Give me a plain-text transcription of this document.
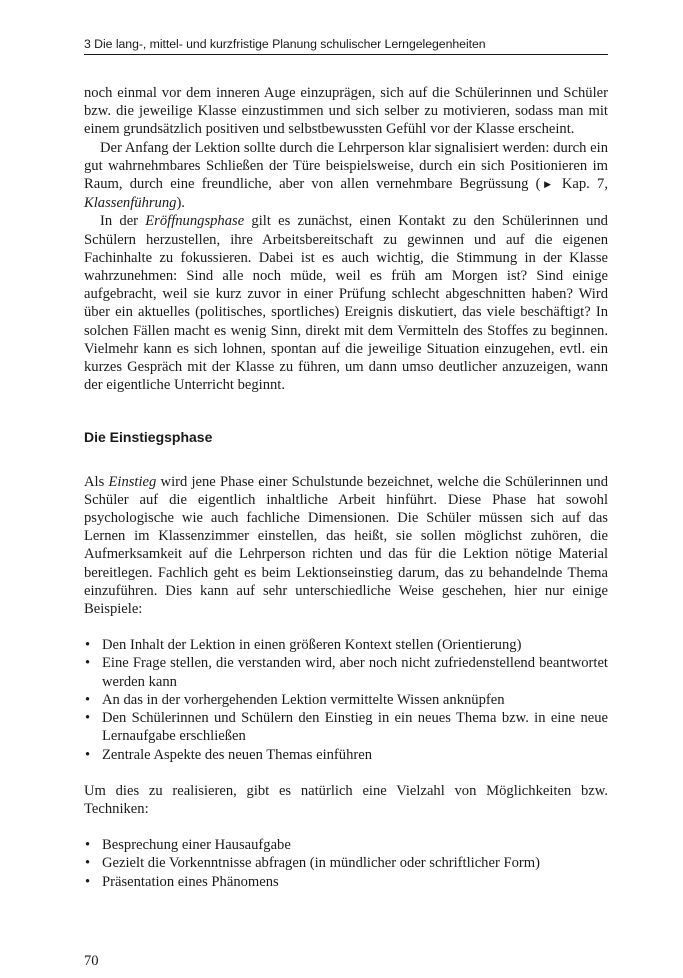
3 Die lang-, mittel- und kurzfristige Planung schulischer Lerngelegenheiten

noch einmal vor dem inneren Auge einzuprägen, sich auf die Schülerinnen und Schüler bzw. die jeweilige Klasse einzustimmen und sich selber zu motivieren, sodass man mit einem grundsätzlich positiven und selbstbewussten Gefühl vor der Klasse erscheint.

Der Anfang der Lektion sollte durch die Lehrperson klar signalisiert werden: durch ein gut wahrnehmbares Schließen der Türe beispielsweise, durch ein sich Positionieren im Raum, durch eine freundliche, aber von allen vernehmbare Begrüssung (▶ Kap. 7, Klassenführung).

In der Eröffnungsphase gilt es zunächst, einen Kontakt zu den Schülerinnen und Schülern herzustellen, ihre Arbeitsbereitschaft zu gewinnen und auf die eigenen Fachinhalte zu fokussieren. Dabei ist es auch wichtig, die Stimmung in der Klasse wahrzunehmen: Sind alle noch müde, weil es früh am Morgen ist? Sind einige aufgebracht, weil sie kurz zuvor in einer Prüfung schlecht abgeschnitten haben? Wird über ein aktuelles (politisches, sportliches) Ereignis diskutiert, das viele beschäftigt? In solchen Fällen macht es wenig Sinn, direkt mit dem Vermitteln des Stoffes zu beginnen. Vielmehr kann es sich lohnen, spontan auf die jeweilige Situation einzugehen, evtl. ein kurzes Gespräch mit der Klasse zu führen, um dann umso deutlicher anzuzeigen, wann der eigentliche Unterricht beginnt.

Die Einstiegsphase

Als Einstieg wird jene Phase einer Schulstunde bezeichnet, welche die Schülerinnen und Schüler auf die eigentlich inhaltliche Arbeit hinführt. Diese Phase hat sowohl psychologische wie auch fachliche Dimensionen. Die Schüler müssen sich auf das Lernen im Klassenzimmer einstellen, das heißt, sie sollen möglichst zuhören, die Aufmerksamkeit auf die Lehrperson richten und das für die Lektion nötige Material bereitlegen. Fachlich geht es beim Lektionseinstieg darum, das zu behandelnde Thema einzuführen. Dies kann auf sehr unterschiedliche Weise geschehen, hier nur einige Beispiele:

• Den Inhalt der Lektion in einen größeren Kontext stellen (Orientierung)
• Eine Frage stellen, die verstanden wird, aber noch nicht zufriedenstellend beantwortet werden kann
• An das in der vorhergehenden Lektion vermittelte Wissen anknüpfen
• Den Schülerinnen und Schülern den Einstieg in ein neues Thema bzw. in eine neue Lernaufgabe erschließen
• Zentrale Aspekte des neuen Themas einführen

Um dies zu realisieren, gibt es natürlich eine Vielzahl von Möglichkeiten bzw. Techniken:

• Besprechung einer Hausaufgabe
• Gezielt die Vorkenntnisse abfragen (in mündlicher oder schriftlicher Form)
• Präsentation eines Phänomens
70
